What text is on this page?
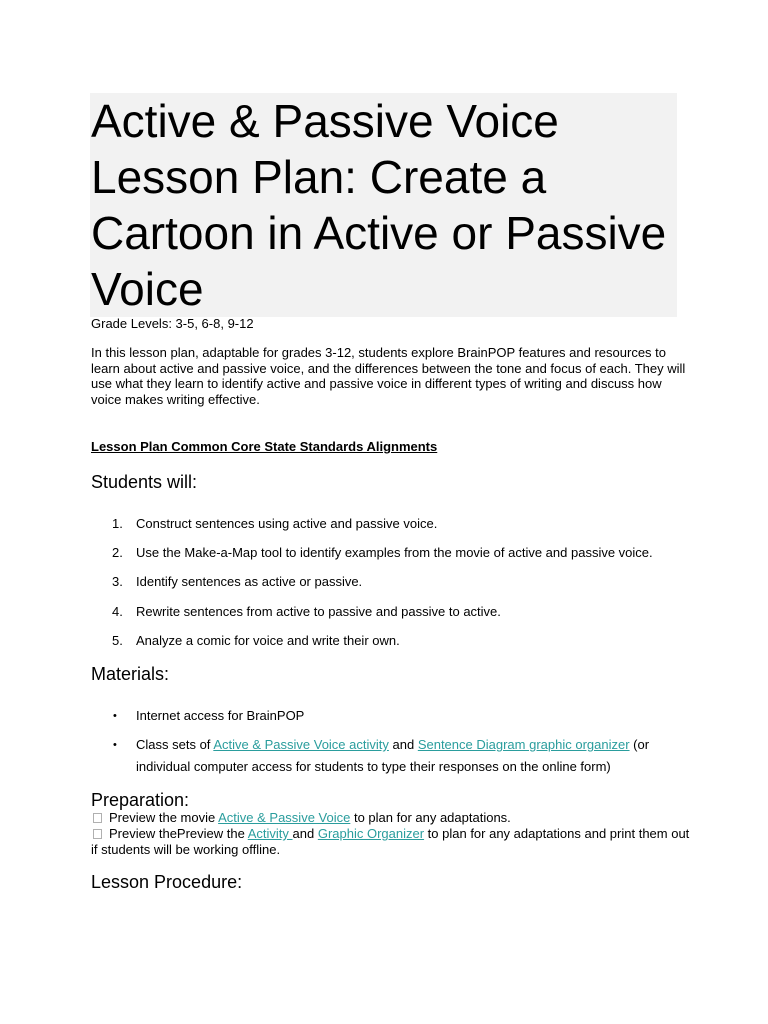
Active & Passive Voice Lesson Plan: Create a Cartoon in Active or Passive Voice

Grade Levels: 3-5, 6-8, 9-12

In this lesson plan, adaptable for grades 3-12, students explore BrainPOP features and resources to learn about active and passive voice, and the differences between the tone and focus of each. They will use what they learn to identify active and passive voice in different types of writing and discuss how voice makes writing effective.

Lesson Plan Common Core State Standards Alignments
Students will:
1. Construct sentences using active and passive voice.
2. Use the Make-a-Map tool to identify examples from the movie of active and passive voice.
3. Identify sentences as active or passive.
4. Rewrite sentences from active to passive and passive to active.
5. Analyze a comic for voice and write their own.
Materials:
• Internet access for BrainPOP
• Class sets of Active & Passive Voice activity and Sentence Diagram graphic organizer (or individual computer access for students to type their responses on the online form)
Preparation:
Preview the movie Active & Passive Voice to plan for any adaptations.
Preview thePreview the Activity and Graphic Organizer to plan for any adaptations and print them out if students will be working offline.
Lesson Procedure:
